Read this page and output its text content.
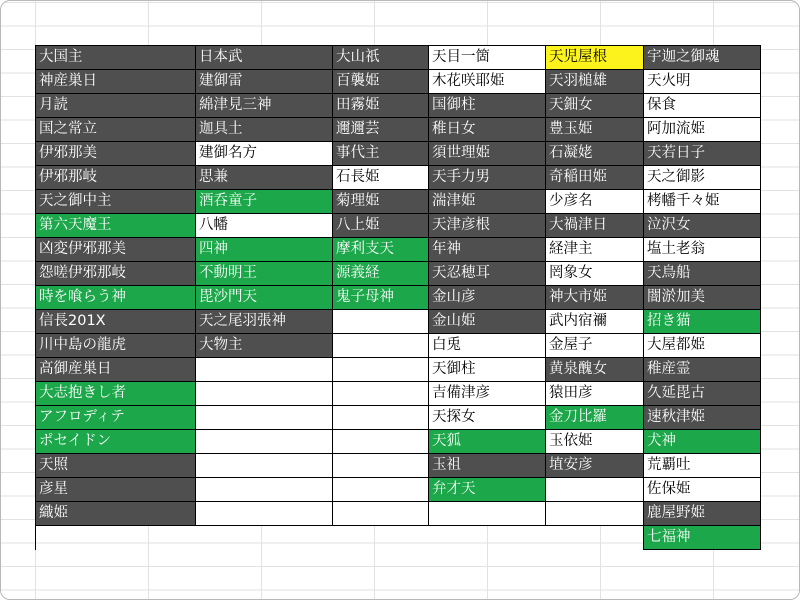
大国主
神産巣日
月読
国之常立
伊邪那美
伊邪那岐
天之御中主
第六天魔王
凶変伊邪那美
怨嗟伊邪那岐
時を喰らう神
信長201X
川中島の龍虎
高御産巣日
大志抱きし者
アフロディテ
ポセイドン
天照
彦星
織姫
日本武
建御雷
綿津見三神
迦具土
建御名方
思兼
酒呑童子
八幡
四神
不動明王
毘沙門天
天之尾羽張神
大物主
大山祇
百襲姫
田霧姫
邇邇芸
事代主
石長姫
菊理姫
八上姫
摩利支天
源義経
鬼子母神
天目一箇
木花咲耶姫
国御柱
稚日女
須世理姫
天手力男
湍津姫
天津彦根
年神
天忍穂耳
金山彦
金山姫
白兎
天御柱
吉備津彦
天探女
天狐
玉祖
弁才天
天児屋根
天羽槌雄
天鈿女
豊玉姫
石凝姥
奇稲田姫
少彦名
大禍津日
経津主
罔象女
神大市姫
武内宿禰
金屋子
黄泉醜女
猿田彦
金刀比羅
玉依姫
埴安彦
宇迦之御魂
天火明
保食
阿加流姫
天若日子
天之御影
栲幡千々姫
泣沢女
塩土老翁
天鳥船
闇淤加美
招き猫
大屋都姫
稚産霊
久延毘古
速秋津姫
犬神
荒覇吐
佐保姫
鹿屋野姫
七福神
